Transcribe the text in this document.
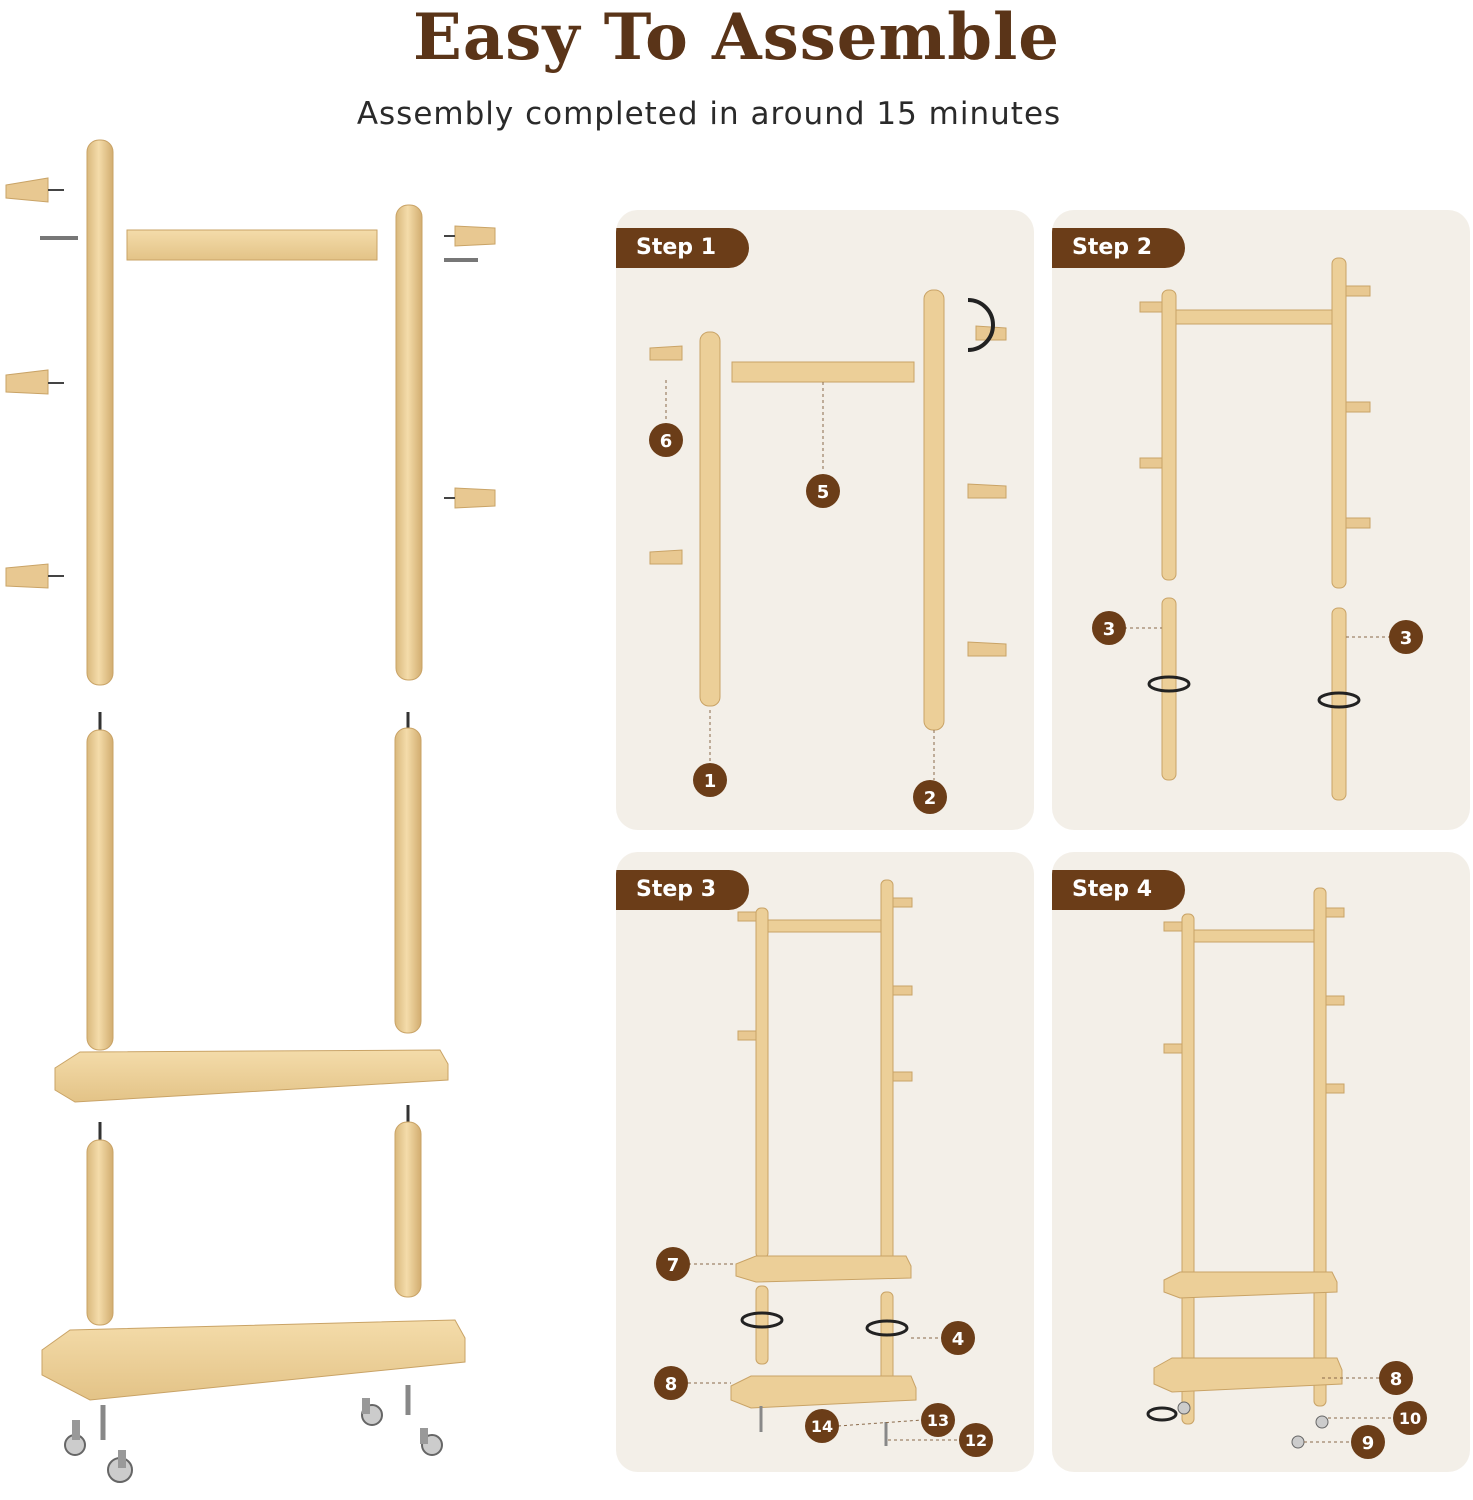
Easy To Assemble
Assembly completed in around 15 minutes
6
5
1
2
Step 1
3	3
Step 2
7
4
8
14	13
12
Step 3
8
10
9
Step 4
